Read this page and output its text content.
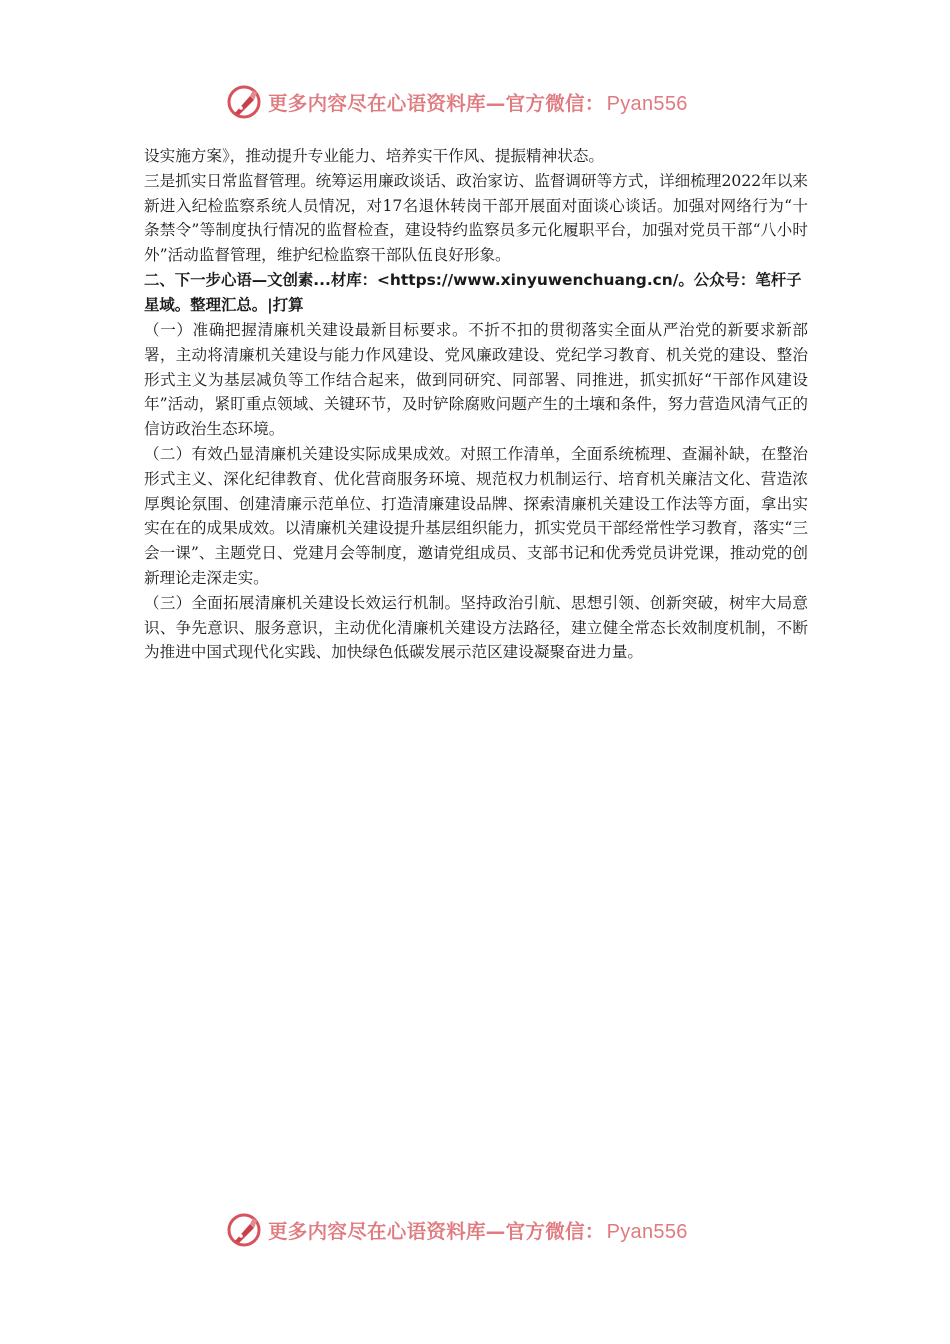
更多内容尽在心语资料库—官方微信： Pyan556

设实施方案》，推动提升专业能力、培养实干作风、提振精神状态。

三是抓实日常监督管理。统筹运用廉政谈话、政治家访、监督调研等方式，详细梳理2022年以来新进入纪检监察系统人员情况，对17名退休转岗干部开展面对面谈心谈话。加强对网络行为“十条禁令”等制度执行情况的监督检查，建设特约监察员多元化履职平台，加强对党员干部“八小时外”活动监督管理，维护纪检监察干部队伍良好形象。

二、下一步心语—文创素...材库：<https://www.xinyuwenchuang.cn/。公众号：笔杆子星域。整理汇总。|打算

（一）准确把握清廉机关建设最新目标要求。不折不扣的贯彻落实全面从严治党的新要求新部署，主动将清廉机关建设与能力作风建设、党风廉政建设、党纪学习教育、机关党的建设、整治形式主义为基层减负等工作结合起来，做到同研究、同部署、同推进，抓实抓好“干部作风建设年”活动，紧盯重点领域、关键环节，及时铲除腐败问题产生的土壤和条件，努力营造风清气正的信访政治生态环境。

（二）有效凸显清廉机关建设实际成果成效。对照工作清单，全面系统梳理、查漏补缺，在整治形式主义、深化纪律教育、优化营商服务环境、规范权力机制运行、培育机关廉洁文化、营造浓厚舆论氛围、创建清廉示范单位、打造清廉建设品牌、探索清廉机关建设工作法等方面，拿出实实在在的成果成效。以清廉机关建设提升基层组织能力，抓实党员干部经常性学习教育，落实“三会一课”、主题党日、党建月会等制度，邀请党组成员、支部书记和优秀党员讲党课，推动党的创新理论走深走实。

（三）全面拓展清廉机关建设长效运行机制。坚持政治引航、思想引领、创新突破，树牢大局意识、争先意识、服务意识，主动优化清廉机关建设方法路径，建立健全常态长效制度机制，不断为推进中国式现代化实践、加快绿色低碳发展示范区建设凝聚奋进力量。

更多内容尽在心语资料库—官方微信： Pyan556
